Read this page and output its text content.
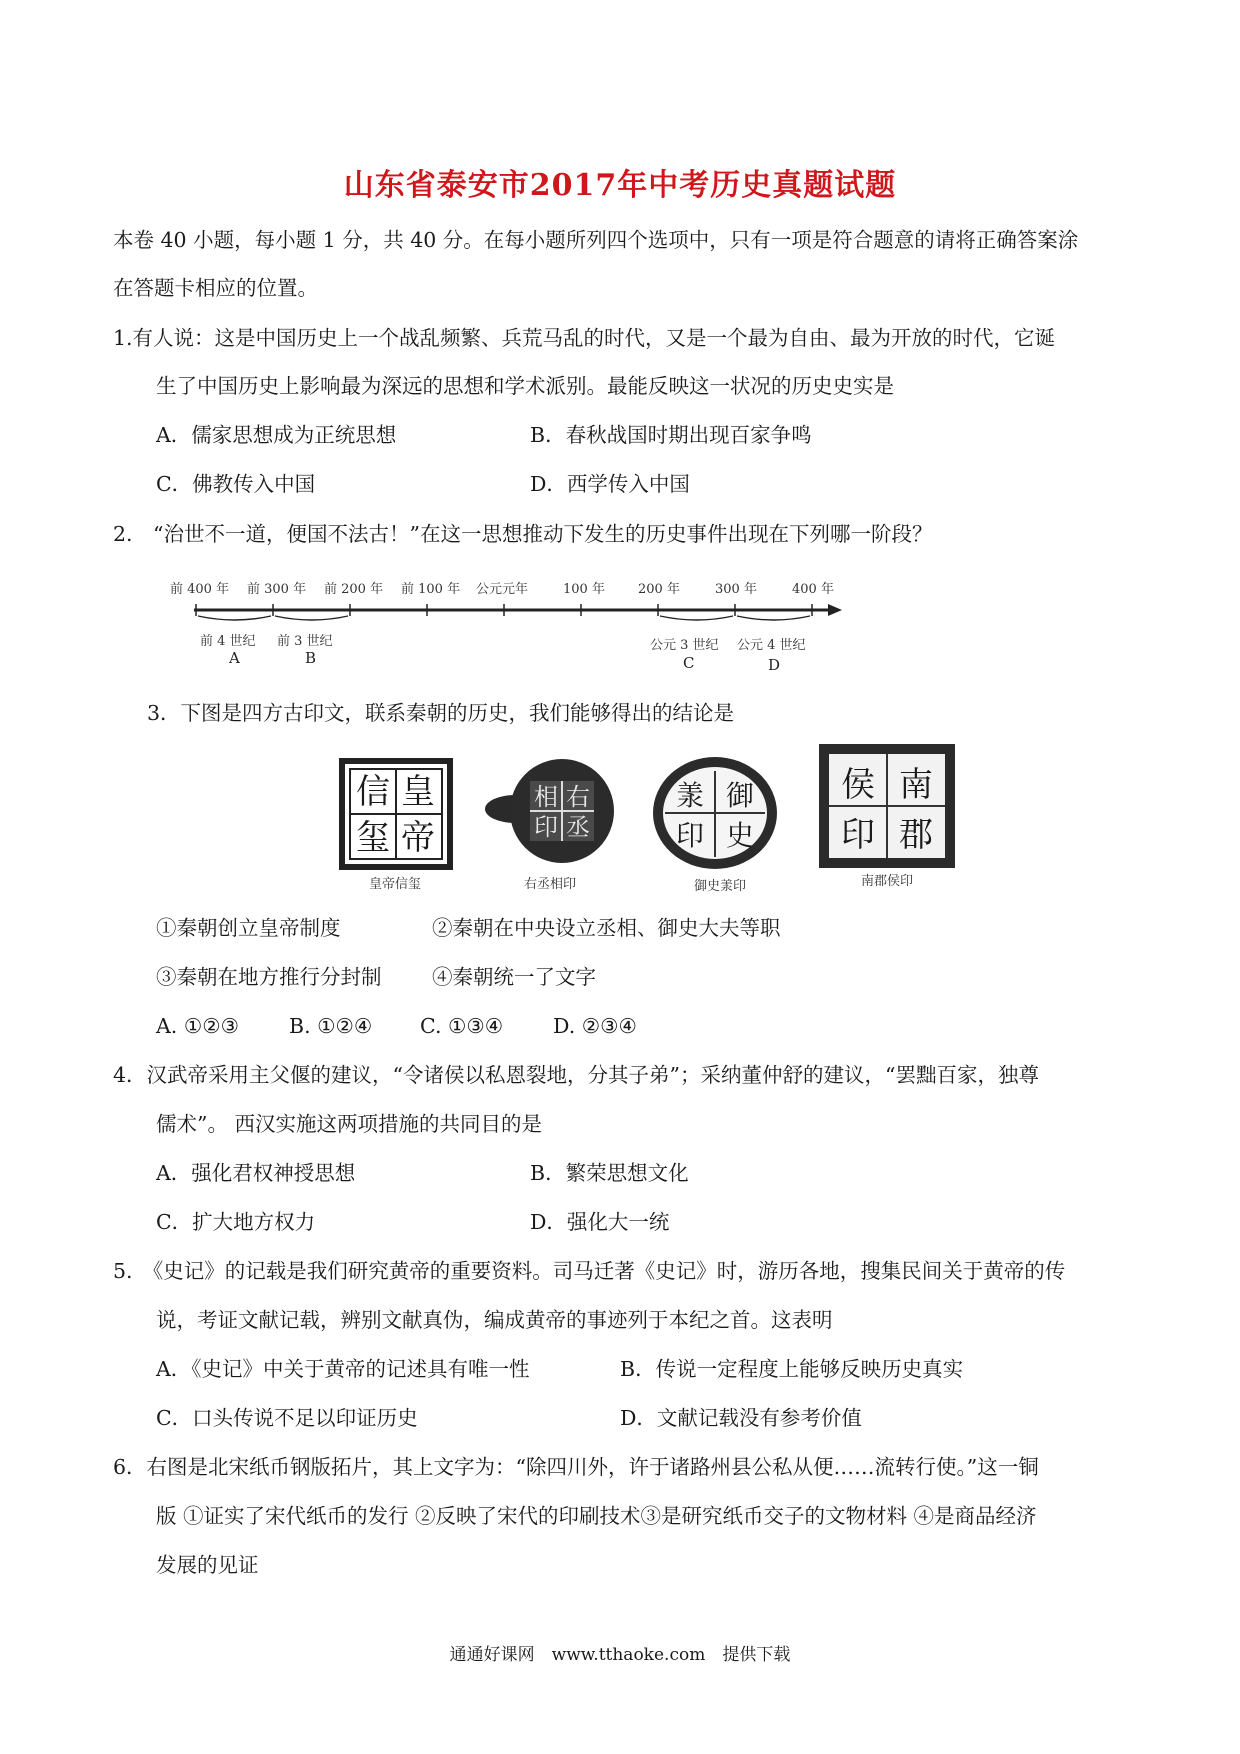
山东省泰安市2017年中考历史真题试题
本卷 40 小题，每小题 1 分，共 40 分。在每小题所列四个选项中，只有一项是符合题意的请将正确答案涂
在答题卡相应的位置。
1.有人说：这是中国历史上一个战乱频繁、兵荒马乱的时代，又是一个最为自由、最为开放的时代，它诞
生了中国历史上影响最为深远的思想和学术派别。最能反映这一状况的历史史实是
A．儒家思想成为正统思想	B．春秋战国时期出现百家争鸣
C．佛教传入中国	D．西学传入中国
2.　“治世不一道，便国不法古！”在这一思想推动下发生的历史事件出现在下列哪一阶段？
前 400 年 前 300 年 前 200 年 前 100 年 公元元年	100 年	200 年	300 年	400 年
前 4 世纪
A
前 3 世纪
B
公元 3 世纪
C
公元 4 世纪
D
3．下图是四方古印文，联系秦朝的历史，我们能够得出的结论是
皇
帝
信
玺
皇帝信玺
右
丞
相
印
右丞相印
御
史
羕
印
御史羕印
南
郡
侯
印
南郡侯印
①秦朝创立皇帝制度	②秦朝在中央设立丞相、御史大夫等职
③秦朝在地方推行分封制 ④秦朝统一了文字
A. ①②③ B. ①②④ C. ①③④ D. ②③④
4．汉武帝采用主父偃的建议，“令诸侯以私恩裂地，分其子弟”；采纳董仲舒的建议，“罢黜百家，独尊
儒术”。 西汉实施这两项措施的共同目的是
A．强化君权神授思想	B．繁荣思想文化
C．扩大地方权力	D．强化大一统
5.　《史记》的记载是我们研究黄帝的重要资料。司马迁著《史记》时，游历各地，搜集民间关于黄帝的传
说，考证文献记载，辨别文献真伪，编成黄帝的事迹列于本纪之首。这表明
A．《史记》中关于黄帝的记述具有唯一性	B．传说一定程度上能够反映历史真实
C．口头传说不足以印证历史	D．文献记载没有参考价值
6．右图是北宋纸币钢版拓片，其上文字为：“除四川外，许于诸路州县公私从便……流转行使。”这一铜
版 ①证实了宋代纸币的发行 ②反映了宋代的印刷技术③是研究纸币交子的文物材料 ④是商品经济
发展的见证
通通好课网　www.tthaoke.com　提供下载
